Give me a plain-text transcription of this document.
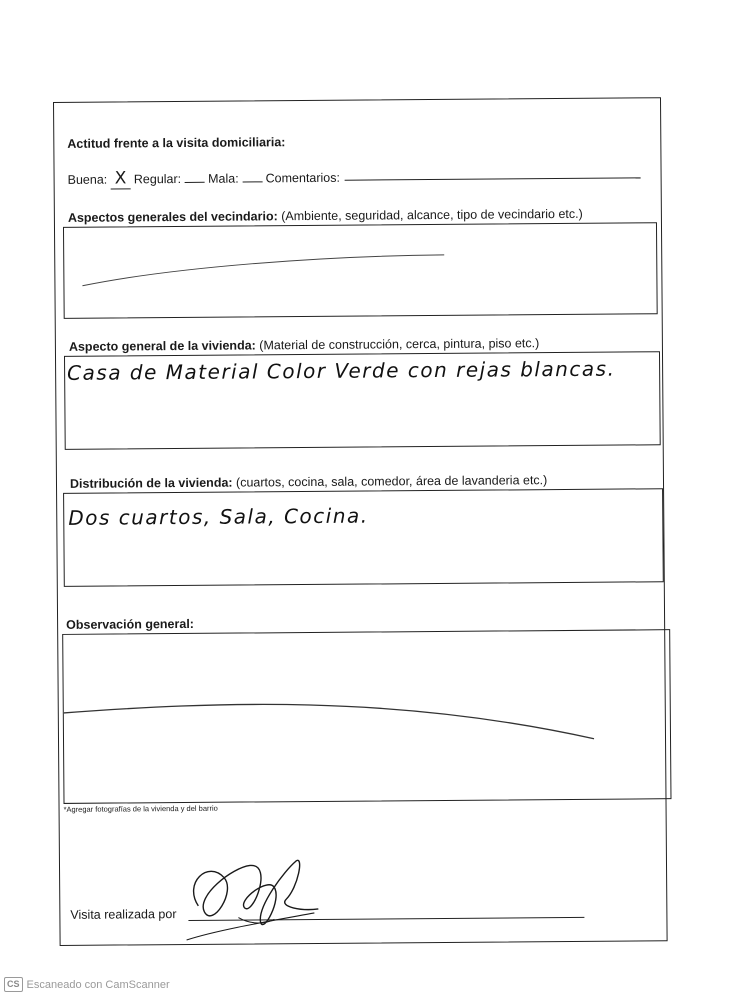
Actitud frente a la visita domiciliaria:
Buena: X Regular: Mala: Comentarios:
Aspectos generales del vecindario: (Ambiente, seguridad, alcance, tipo de vecindario etc.)
Aspecto general de la vivienda: (Material de construcción, cerca, pintura, piso etc.)
Casa de Material Color Verde con rejas blancas.
Distribución de la vivienda: (cuartos, cocina, sala, comedor, área de lavanderia etc.)
Dos cuartos, Sala, Cocina.
Observación general:
*Agregar fotografías de la vivienda y del barrio
Visita realizada por
CS Escaneado con CamScanner
